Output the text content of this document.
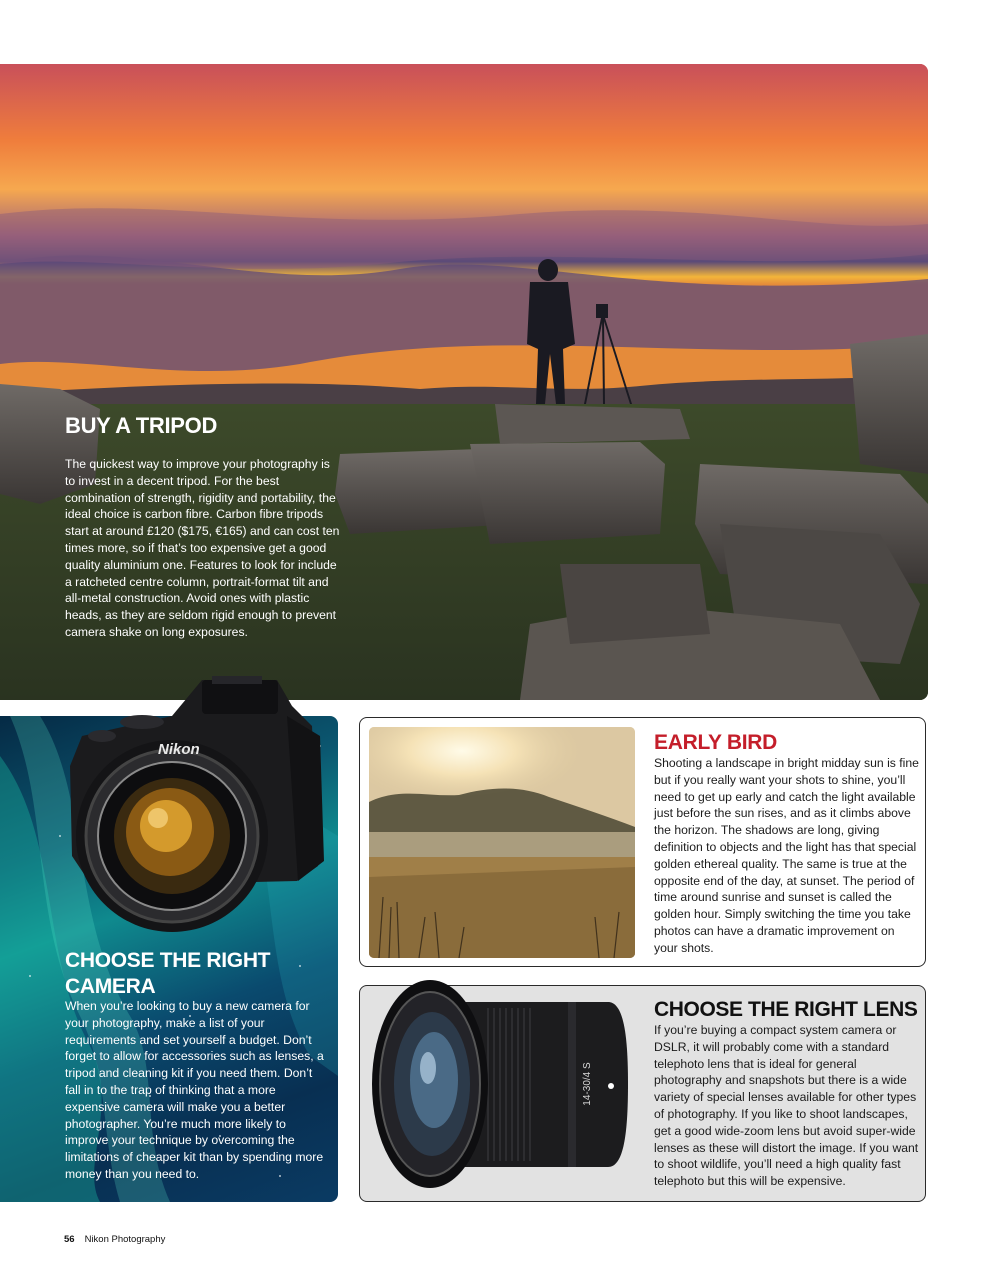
BUY A TRIPOD

The quickest way to improve your photography is to invest in a decent tripod. For the best combination of strength, rigidity and portability, the ideal choice is carbon fibre. Carbon fibre tripods start at around £120 ($175, €165) and can cost ten times more, so if that’s too expensive get a good quality aluminium one. Features to look for include a ratcheted centre column, portrait-format tilt and all-metal construction. Avoid ones with plastic heads, as they are seldom rigid enough to prevent camera shake on long exposures.

Nikon
CHOOSE THE RIGHT CAMERA

When you’re looking to buy a new camera for your photography, make a list of your requirements and set yourself a budget. Don’t forget to allow for accessories such as lenses, a tripod and cleaning kit if you need them. Don’t fall in to the trap of thinking that a more expensive camera will make you a better photographer. You’re much more likely to improve your technique by overcoming the limitations of cheaper kit than by spending more money than you need to.

EARLY BIRD

Shooting a landscape in bright midday sun is fine but if you really want your shots to shine, you’ll need to get up early and catch the light available just before the sun rises, and as it climbs above the horizon. The shadows are long, giving definition to objects and the light has that special golden ethereal quality. The same is true at the opposite end of the day, at sunset. The period of time around sunrise and sunset is called the golden hour. Simply switching the time you take photos can have a dramatic improvement on your shots.

14-30/4 S
CHOOSE THE RIGHT LENS

If you’re buying a compact system camera or DSLR, it will probably come with a standard telephoto lens that is ideal for general photography and snapshots but there is a wide variety of special lenses available for other types of photography. If you like to shoot landscapes, get a good wide-zoom lens but avoid super-wide lenses as these will distort the image. If you want to shoot wildlife, you’ll need a high quality fast telephoto but this will be expensive.

56 Nikon Photography
